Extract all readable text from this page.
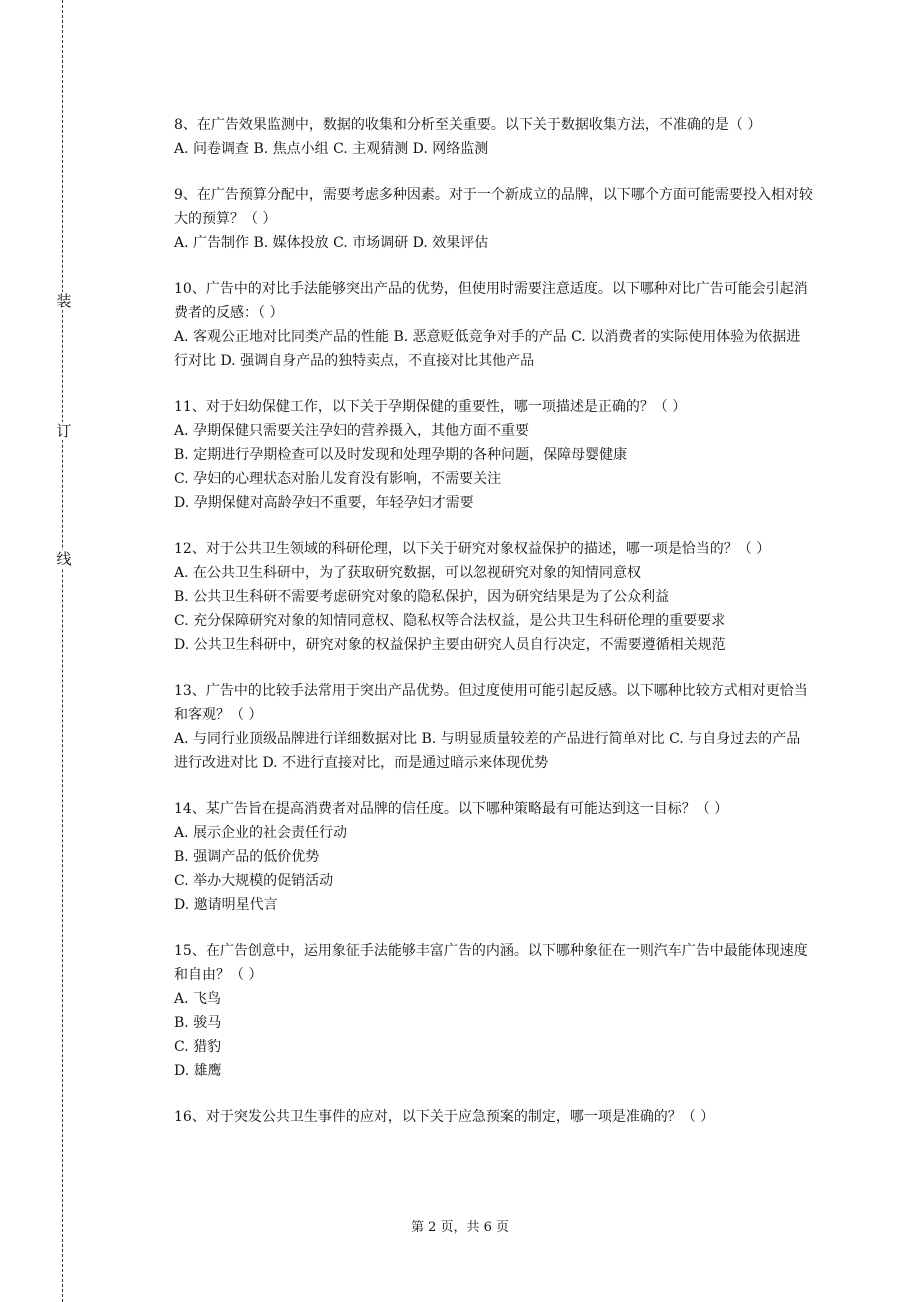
装
订
线

8、在广告效果监测中，数据的收集和分析至关重要。以下关于数据收集方法，不准确的是（ ）

A. 问卷调查 B. 焦点小组 C. 主观猜测 D. 网络监测

9、在广告预算分配中，需要考虑多种因素。对于一个新成立的品牌，以下哪个方面可能需要投入相对较大的预算？（ ）

A. 广告制作 B. 媒体投放 C. 市场调研 D. 效果评估

10、广告中的对比手法能够突出产品的优势，但使用时需要注意适度。以下哪种对比广告可能会引起消费者的反感：（ ）

A. 客观公正地对比同类产品的性能 B. 恶意贬低竞争对手的产品 C. 以消费者的实际使用体验为依据进行对比 D. 强调自身产品的独特卖点，不直接对比其他产品

11、对于妇幼保健工作，以下关于孕期保健的重要性，哪一项描述是正确的？（ ）

A. 孕期保健只需要关注孕妇的营养摄入，其他方面不重要

B. 定期进行孕期检查可以及时发现和处理孕期的各种问题，保障母婴健康

C. 孕妇的心理状态对胎儿发育没有影响，不需要关注

D. 孕期保健对高龄孕妇不重要，年轻孕妇才需要

12、对于公共卫生领域的科研伦理，以下关于研究对象权益保护的描述，哪一项是恰当的？（ ）

A. 在公共卫生科研中，为了获取研究数据，可以忽视研究对象的知情同意权

B. 公共卫生科研不需要考虑研究对象的隐私保护，因为研究结果是为了公众利益

C. 充分保障研究对象的知情同意权、隐私权等合法权益，是公共卫生科研伦理的重要要求

D. 公共卫生科研中，研究对象的权益保护主要由研究人员自行决定，不需要遵循相关规范

13、广告中的比较手法常用于突出产品优势。但过度使用可能引起反感。以下哪种比较方式相对更恰当和客观？（ ）

A. 与同行业顶级品牌进行详细数据对比 B. 与明显质量较差的产品进行简单对比 C. 与自身过去的产品进行改进对比 D. 不进行直接对比，而是通过暗示来体现优势

14、某广告旨在提高消费者对品牌的信任度。以下哪种策略最有可能达到这一目标？（ ）

A. 展示企业的社会责任行动

B. 强调产品的低价优势

C. 举办大规模的促销活动

D. 邀请明星代言

15、在广告创意中，运用象征手法能够丰富广告的内涵。以下哪种象征在一则汽车广告中最能体现速度和自由？（ ）

A. 飞鸟

B. 骏马

C. 猎豹

D. 雄鹰

16、对于突发公共卫生事件的应对，以下关于应急预案的制定，哪一项是准确的？（ ）

第 2 页，共 6 页
